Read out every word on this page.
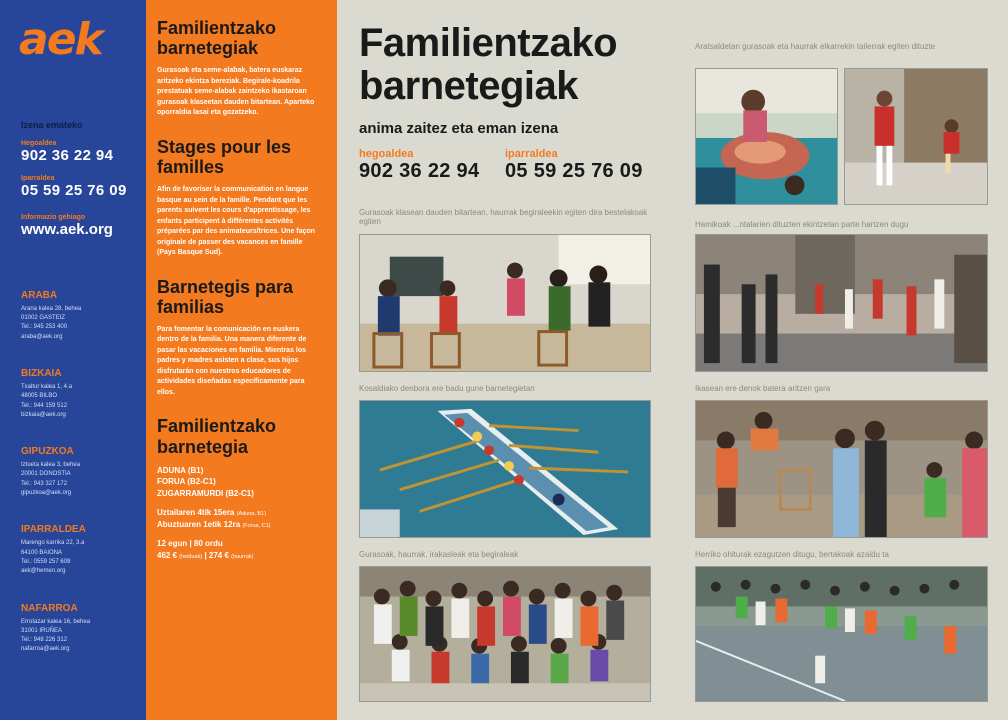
aek
Izena emateko
Hegoaldea
902 36 22 94
Iparraldea
05 59 25 76 09
Informazio gehiago
www.aek.org
ARABA
Arana kalea 28, behea
01002 GASTEIZ
Tel.: 945 253 400
araba@aek.org
BIZKAIA
Txaltur kalea 1, 4.a
48005 BILBO
Tel.: 944 159 512
bizkaia@aek.org
GIPUZKOA
Iztueta kalea 3, behea
20001 DONOSTIA
Tel.: 943 327 172
gipuzkoa@aek.org
IPARRALDEA
Marengo karrika 22, 3.a
64100 BAIONA
Tel.: 0559 257 609
aek@hemen.org
NAFARROA
Errotazar kalea 16, behea
31001 IRUÑEA
Tel.: 948 226 312
nafarroa@aek.org
Familientzako barnetegiak
Gurasoak eta seme-alabak, batera euskaraz aritzeko ekintza bereziak. Begirale-koadrila prestatuak seme-alabak zaintzeko ikastaroan gurasoak klaseetan dauden bitartean. Aparteko oporraldia lasai eta gozatzeko.
Stages pour les familles
Afin de favoriser la communication en langue basque au sein de la famille. Pendant que les parents suivent les cours d'apprentissage, les enfants participent à différentes activités préparées par des animateurs/trices. Une façon originale de passer des vacances en famille (Pays Basque Sud).
Barnetegis para familias
Para fomentar la comunicación en euskera dentro de la familia. Una manera diferente de pasar las vacaciones en familia. Mientras los padres y madres asisten a clase, sus hijos disfrutarán con nuestros educadores de actividades diseñadas específicamente para ellos.
Familientzako barnetegia
ADUNA (B1)
FORUA (B2-C1)
ZUGARRAMURDI (B2-C1)
Uztailaren 4tik 15era (Aduna, B1)
Abuztuaren 1etik 12ra (Forua, C1)
12 egun | 80 ordu
462 € (helduak) | 274 € (haurrak)
Familientzako barnetegiak
anima zaitez eta eman izena
hegoaldea
902 36 22 94
iparraldea
05 59 25 76 09
Aratsaldetan gurasoak eta haurrak elkarrekin tailerrak egiten dituzte
Gurasoak klasean dauden bitartean, haurrak begiraleekin egiten dira bestelakoak egiten	Hamikoak ...ntalarien dituzten ekintzetan parte hartzen dugu
Kosaldiako denbora ere badu gune barnetegietan	Ikasean ere denok batera aritzen gara
Gurasoak, haurrak, irakasleak eta begiraleak	Herriko ohiturak ezagutzen ditugu, bertakoak azaldu ta
